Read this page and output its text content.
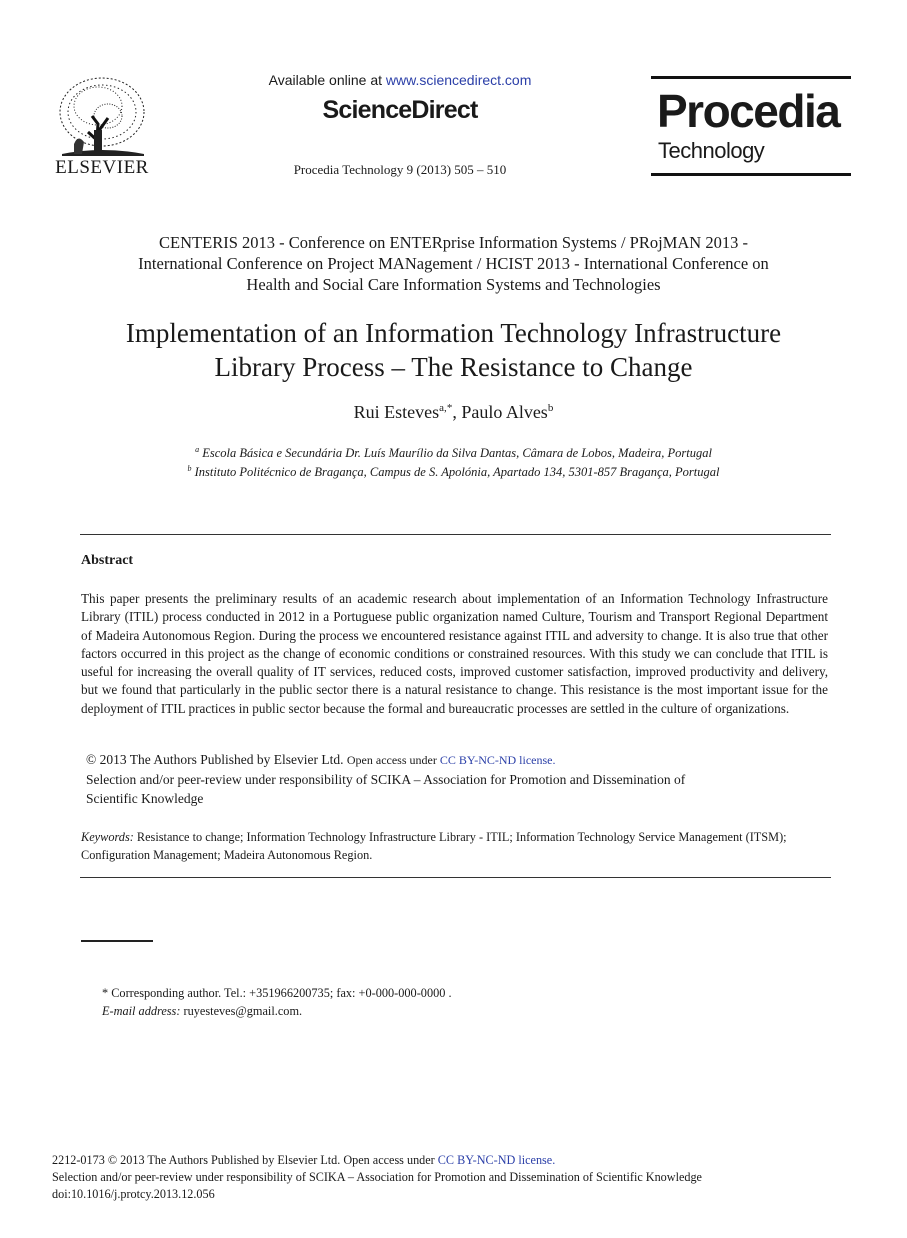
ELSEVIER
Available online at www.sciencedirect.com
ScienceDirect
Procedia Technology 9 (2013) 505 – 510
Procedia
Technology
CENTERIS 2013 - Conference on ENTERprise Information Systems / PRojMAN 2013 -
International Conference on Project MANagement / HCIST 2013 - International Conference on
Health and Social Care Information Systems and Technologies
Implementation of an Information Technology Infrastructure
Library Process – The Resistance to Change
Rui Esteves$^{a,*}$, Paulo Alves$^b$
$^a$ Escola Básica e Secundária Dr. Luís Maurílio da Silva Dantas, Câmara de Lobos, Madeira, Portugal
$^b$ Instituto Politécnico de Bragança, Campus de S. Apolónia, Apartado 134, 5301-857 Bragança, Portugal
Abstract
This paper presents the preliminary results of an academic research about implementation of an Information Technology Infrastructure Library (ITIL) process conducted in 2012 in a Portuguese public organization named Culture, Tourism and Transport Regional Department of Madeira Autonomous Region. During the process we encountered resistance against ITIL and adversity to change. It is also true that other factors occurred in this project as the change of economic conditions or constrained resources. With this study we can conclude that ITIL is useful for increasing the overall quality of IT services, reduced costs, improved customer satisfaction, improved productivity and delivery, but we found that particularly in the public sector there is a natural resistance to change. This resistance is the most important issue for the deployment of ITIL practices in public sector because the formal and bureaucratic processes are settled in the culture of organizations.
© 2013 The Authors Published by Elsevier Ltd. Open access under CC BY-NC-ND license.
Selection and/or peer-review under responsibility of SCIKA – Association for Promotion and Dissemination of
Scientific Knowledge
Keywords: Resistance to change; Information Technology Infrastructure Library - ITIL; Information Technology Service Management (ITSM); Configuration Management; Madeira Autonomous Region.
* Corresponding author. Tel.: +351966200735; fax: +0-000-000-0000 .
E-mail address: ruyesteves@gmail.com.
2212-0173 © 2013 The Authors Published by Elsevier Ltd. Open access under CC BY-NC-ND license.
Selection and/or peer-review under responsibility of SCIKA – Association for Promotion and Dissemination of Scientific Knowledge
doi:10.1016/j.protcy.2013.12.056
